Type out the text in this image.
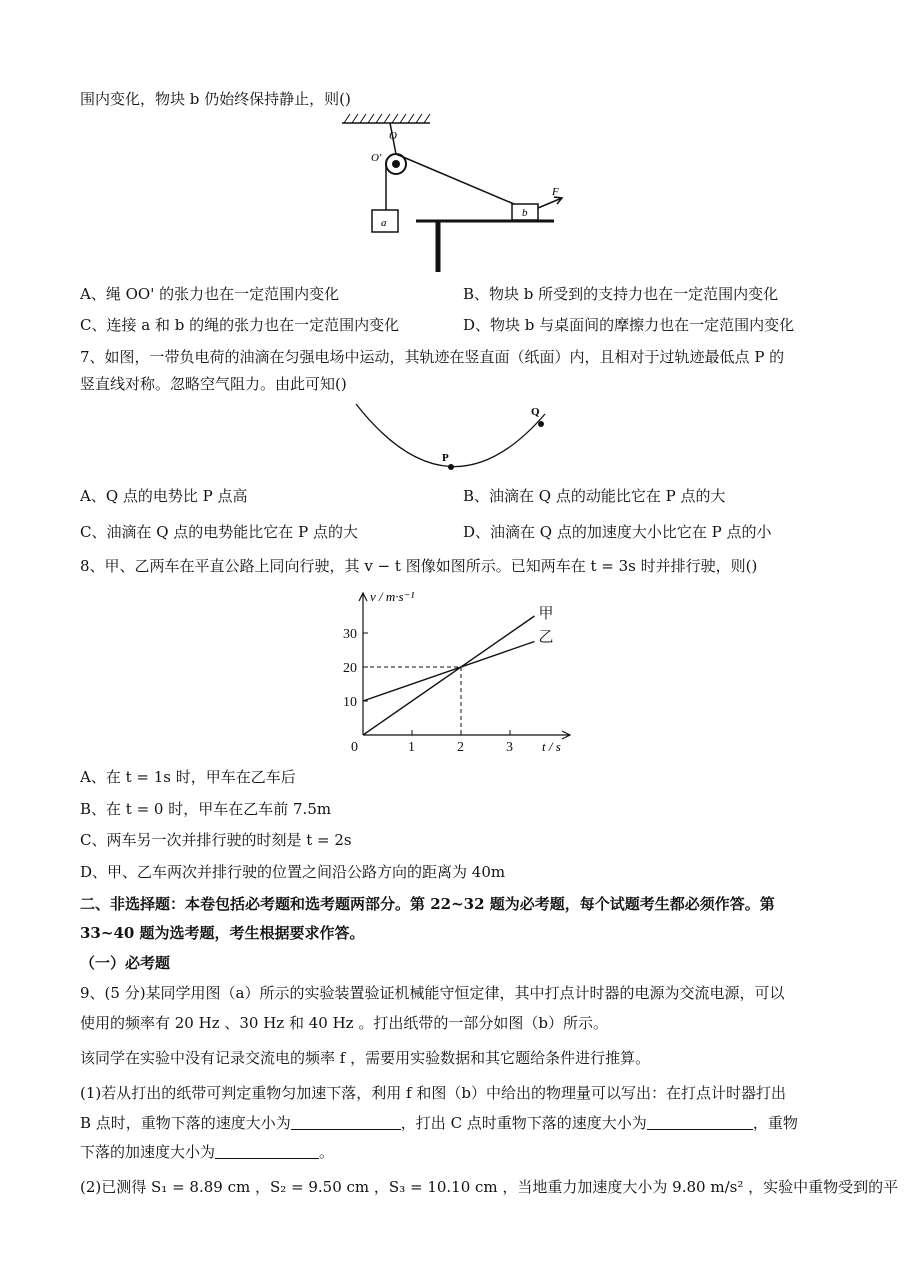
围内变化，物块 b 仍始终保持静止，则()
O
O'
a
b
F
A、绳 OO' 的张力也在一定范围内变化	B、物块 b 所受到的支持力也在一定范围内变化
C、连接 a 和 b 的绳的张力也在一定范围内变化	D、物块 b 与桌面间的摩擦力也在一定范围内变化
7、如图，一带负电荷的油滴在匀强电场中运动，其轨迹在竖直面（纸面）内，且相对于过轨迹最低点 P 的
竖直线对称。忽略空气阻力。由此可知()
P
Q
A、Q 点的电势比 P 点高	B、油滴在 Q 点的动能比它在 P 点的大
C、油滴在 Q 点的电势能比它在 P 点的大	D、油滴在 Q 点的加速度大小比它在 P 点的小
8、甲、乙两车在平直公路上同向行驶，其 v − t 图像如图所示。已知两车在 t = 3s 时并排行驶，则()
0	1	2	3
10
20
30
甲
乙
v / m·s⁻¹
t / s
A、在 t = 1s 时，甲车在乙车后
B、在 t = 0 时，甲车在乙车前 7.5m
C、两车另一次并排行驶的时刻是 t = 2s
D、甲、乙车两次并排行驶的位置之间沿公路方向的距离为 40m
二、非选择题：本卷包括必考题和选考题两部分。第 22~32 题为必考题，每个试题考生都必须作答。第
33~40 题为选考题，考生根据要求作答。
（一）必考题
9、(5 分)某同学用图（a）所示的实验装置验证机械能守恒定律，其中打点计时器的电源为交流电源，可以
使用的频率有 20 Hz 、30 Hz 和 40 Hz 。打出纸带的一部分如图（b）所示。
该同学在实验中没有记录交流电的频率 f ，需要用实验数据和其它题给条件进行推算。
(1)若从打出的纸带可判定重物匀加速下落，利用 f 和图（b）中给出的物理量可以写出：在打点计时器打出
B 点时，重物下落的速度大小为	，打出 C 点时重物下落的速度大小为	，重物
下落的加速度大小为	。
(2)已测得 S₁ = 8.89 cm ，S₂ = 9.50 cm ，S₃ = 10.10 cm ，当地重力加速度大小为 9.80 m/s² ，实验中重物受到的平
